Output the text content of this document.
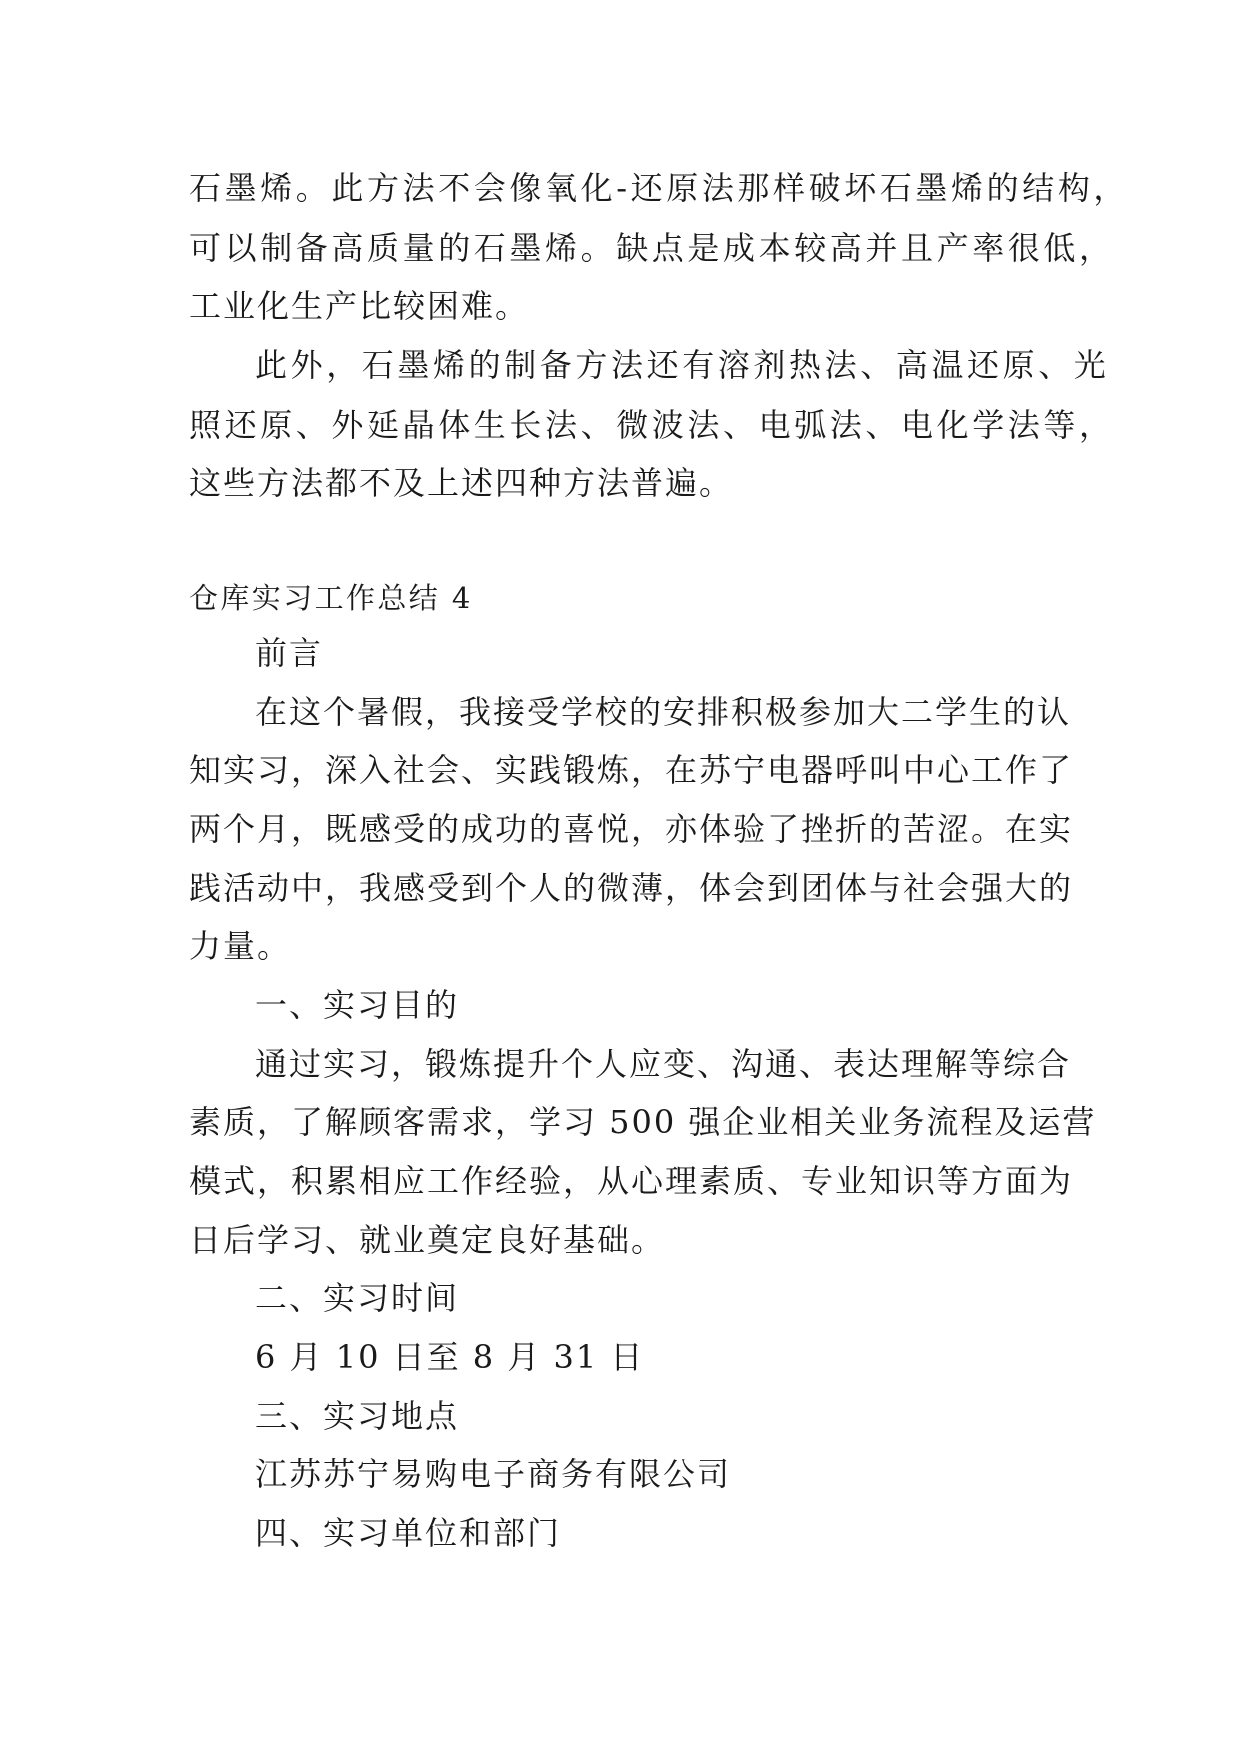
石墨烯。此方法不会像氧化-还原法那样破坏石墨烯的结构，
可以制备高质量的石墨烯。缺点是成本较高并且产率很低，
工业化生产比较困难。
此外，石墨烯的制备方法还有溶剂热法、高温还原、光
照还原、外延晶体生长法、微波法、电弧法、电化学法等，
这些方法都不及上述四种方法普遍。
仓库实习工作总结 4
前言
在这个暑假，我接受学校的安排积极参加大二学生的认
知实习，深入社会、实践锻炼，在苏宁电器呼叫中心工作了
两个月，既感受的成功的喜悦，亦体验了挫折的苦涩。在实
践活动中，我感受到个人的微薄，体会到团体与社会强大的
力量。
一、实习目的
通过实习，锻炼提升个人应变、沟通、表达理解等综合
素质，了解顾客需求，学习 500 强企业相关业务流程及运营
模式，积累相应工作经验，从心理素质、专业知识等方面为
日后学习、就业奠定良好基础。
二、实习时间
6 月 10 日至 8 月 31 日
三、实习地点
江苏苏宁易购电子商务有限公司
四、实习单位和部门
